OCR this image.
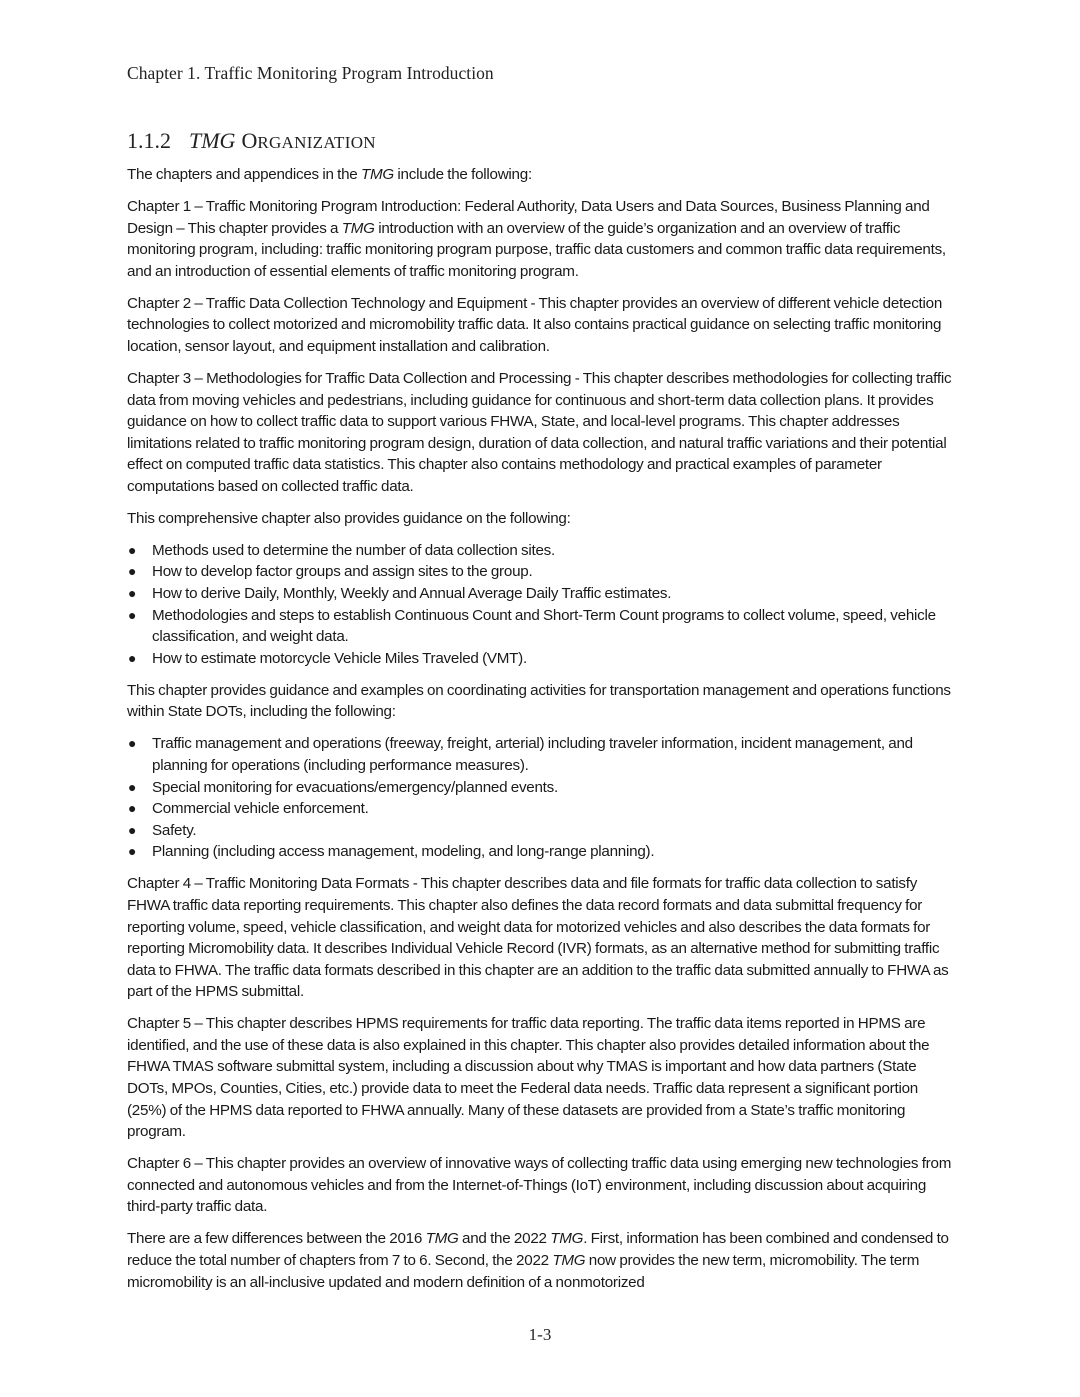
Chapter 1. Traffic Monitoring Program Introduction
1.1.2 TMG ORGANIZATION

The chapters and appendices in the TMG include the following:

Chapter 1 – Traffic Monitoring Program Introduction: Federal Authority, Data Users and Data Sources, Business Planning and Design – This chapter provides a TMG introduction with an overview of the guide’s organization and an overview of traffic monitoring program, including: traffic monitoring program purpose, traffic data customers and common traffic data requirements, and an introduction of essential elements of traffic monitoring program.

Chapter 2 – Traffic Data Collection Technology and Equipment - This chapter provides an overview of different vehicle detection technologies to collect motorized and micromobility traffic data. It also contains practical guidance on selecting traffic monitoring location, sensor layout, and equipment installation and calibration.

Chapter 3 – Methodologies for Traffic Data Collection and Processing - This chapter describes methodologies for collecting traffic data from moving vehicles and pedestrians, including guidance for continuous and short-term data collection plans. It provides guidance on how to collect traffic data to support various FHWA, State, and local-level programs. This chapter addresses limitations related to traffic monitoring program design, duration of data collection, and natural traffic variations and their potential effect on computed traffic data statistics. This chapter also contains methodology and practical examples of parameter computations based on collected traffic data.

This comprehensive chapter also provides guidance on the following:

● Methods used to determine the number of data collection sites.
● How to develop factor groups and assign sites to the group.
● How to derive Daily, Monthly, Weekly and Annual Average Daily Traffic estimates.
● Methodologies and steps to establish Continuous Count and Short-Term Count programs to collect volume, speed, vehicle classification, and weight data.
● How to estimate motorcycle Vehicle Miles Traveled (VMT).

This chapter provides guidance and examples on coordinating activities for transportation management and operations functions within State DOTs, including the following:

● Traffic management and operations (freeway, freight, arterial) including traveler information, incident management, and planning for operations (including performance measures).
● Special monitoring for evacuations/emergency/planned events.
● Commercial vehicle enforcement.
● Safety.
● Planning (including access management, modeling, and long-range planning).

Chapter 4 – Traffic Monitoring Data Formats - This chapter describes data and file formats for traffic data collection to satisfy FHWA traffic data reporting requirements. This chapter also defines the data record formats and data submittal frequency for reporting volume, speed, vehicle classification, and weight data for motorized vehicles and also describes the data formats for reporting Micromobility data. It describes Individual Vehicle Record (IVR) formats, as an alternative method for submitting traffic data to FHWA. The traffic data formats described in this chapter are an addition to the traffic data submitted annually to FHWA as part of the HPMS submittal.

Chapter 5 – This chapter describes HPMS requirements for traffic data reporting. The traffic data items reported in HPMS are identified, and the use of these data is also explained in this chapter. This chapter also provides detailed information about the FHWA TMAS software submittal system, including a discussion about why TMAS is important and how data partners (State DOTs, MPOs, Counties, Cities, etc.) provide data to meet the Federal data needs. Traffic data represent a significant portion (25%) of the HPMS data reported to FHWA annually. Many of these datasets are provided from a State’s traffic monitoring program.

Chapter 6 – This chapter provides an overview of innovative ways of collecting traffic data using emerging new technologies from connected and autonomous vehicles and from the Internet-of-Things (IoT) environment, including discussion about acquiring third-party traffic data.

There are a few differences between the 2016 TMG and the 2022 TMG. First, information has been combined and condensed to reduce the total number of chapters from 7 to 6. Second, the 2022 TMG now provides the new term, micromobility. The term micromobility is an all-inclusive updated and modern definition of a nonmotorized

1-3
